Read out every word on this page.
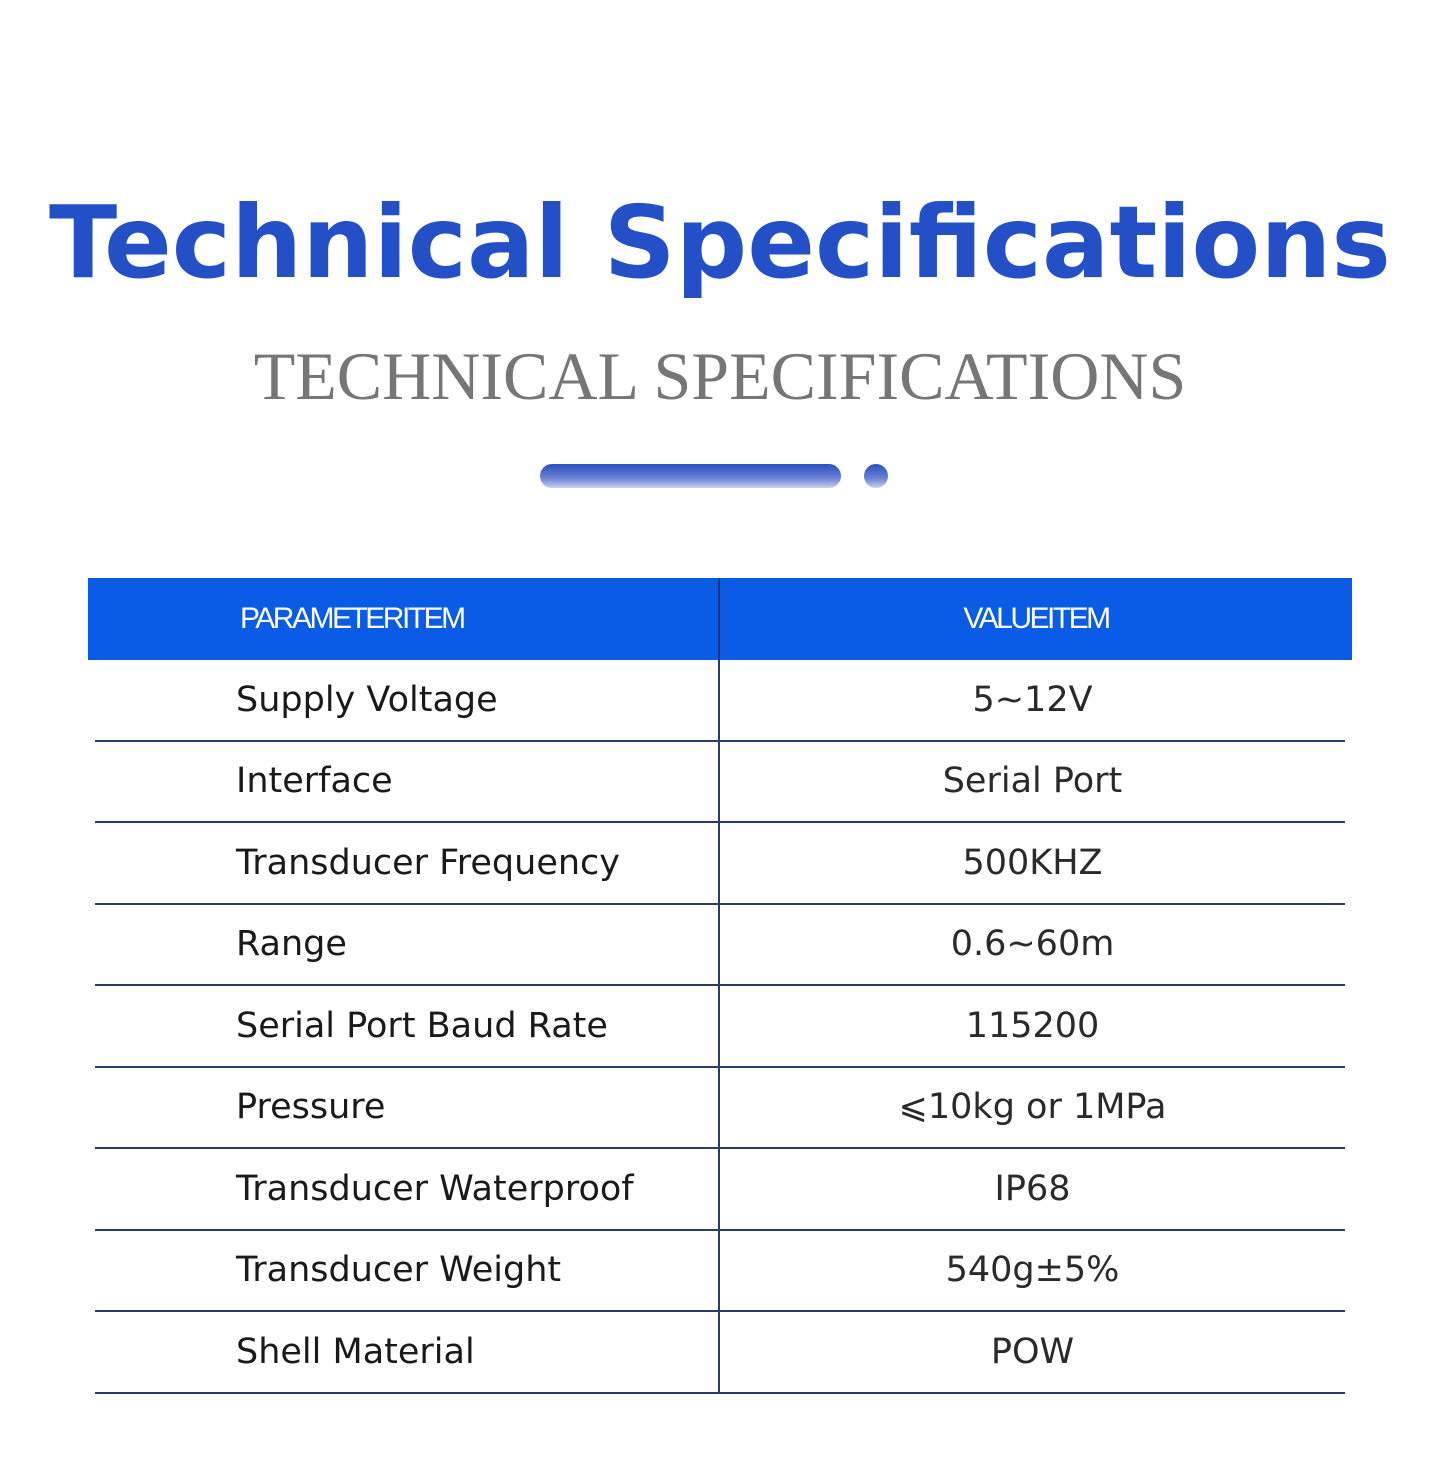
Technical Specifications
TECHNICAL SPECIFICATIONS
PARAMETERITEM	VALUEITEM
Supply Voltage	5~12V
Interface	Serial Port
Transducer Frequency	500KHZ
Range	0.6~60m
Serial Port Baud Rate	115200
Pressure	⩽10kg or 1MPa
Transducer Waterproof	IP68
Transducer Weight	540g±5%
Shell Material	POW
